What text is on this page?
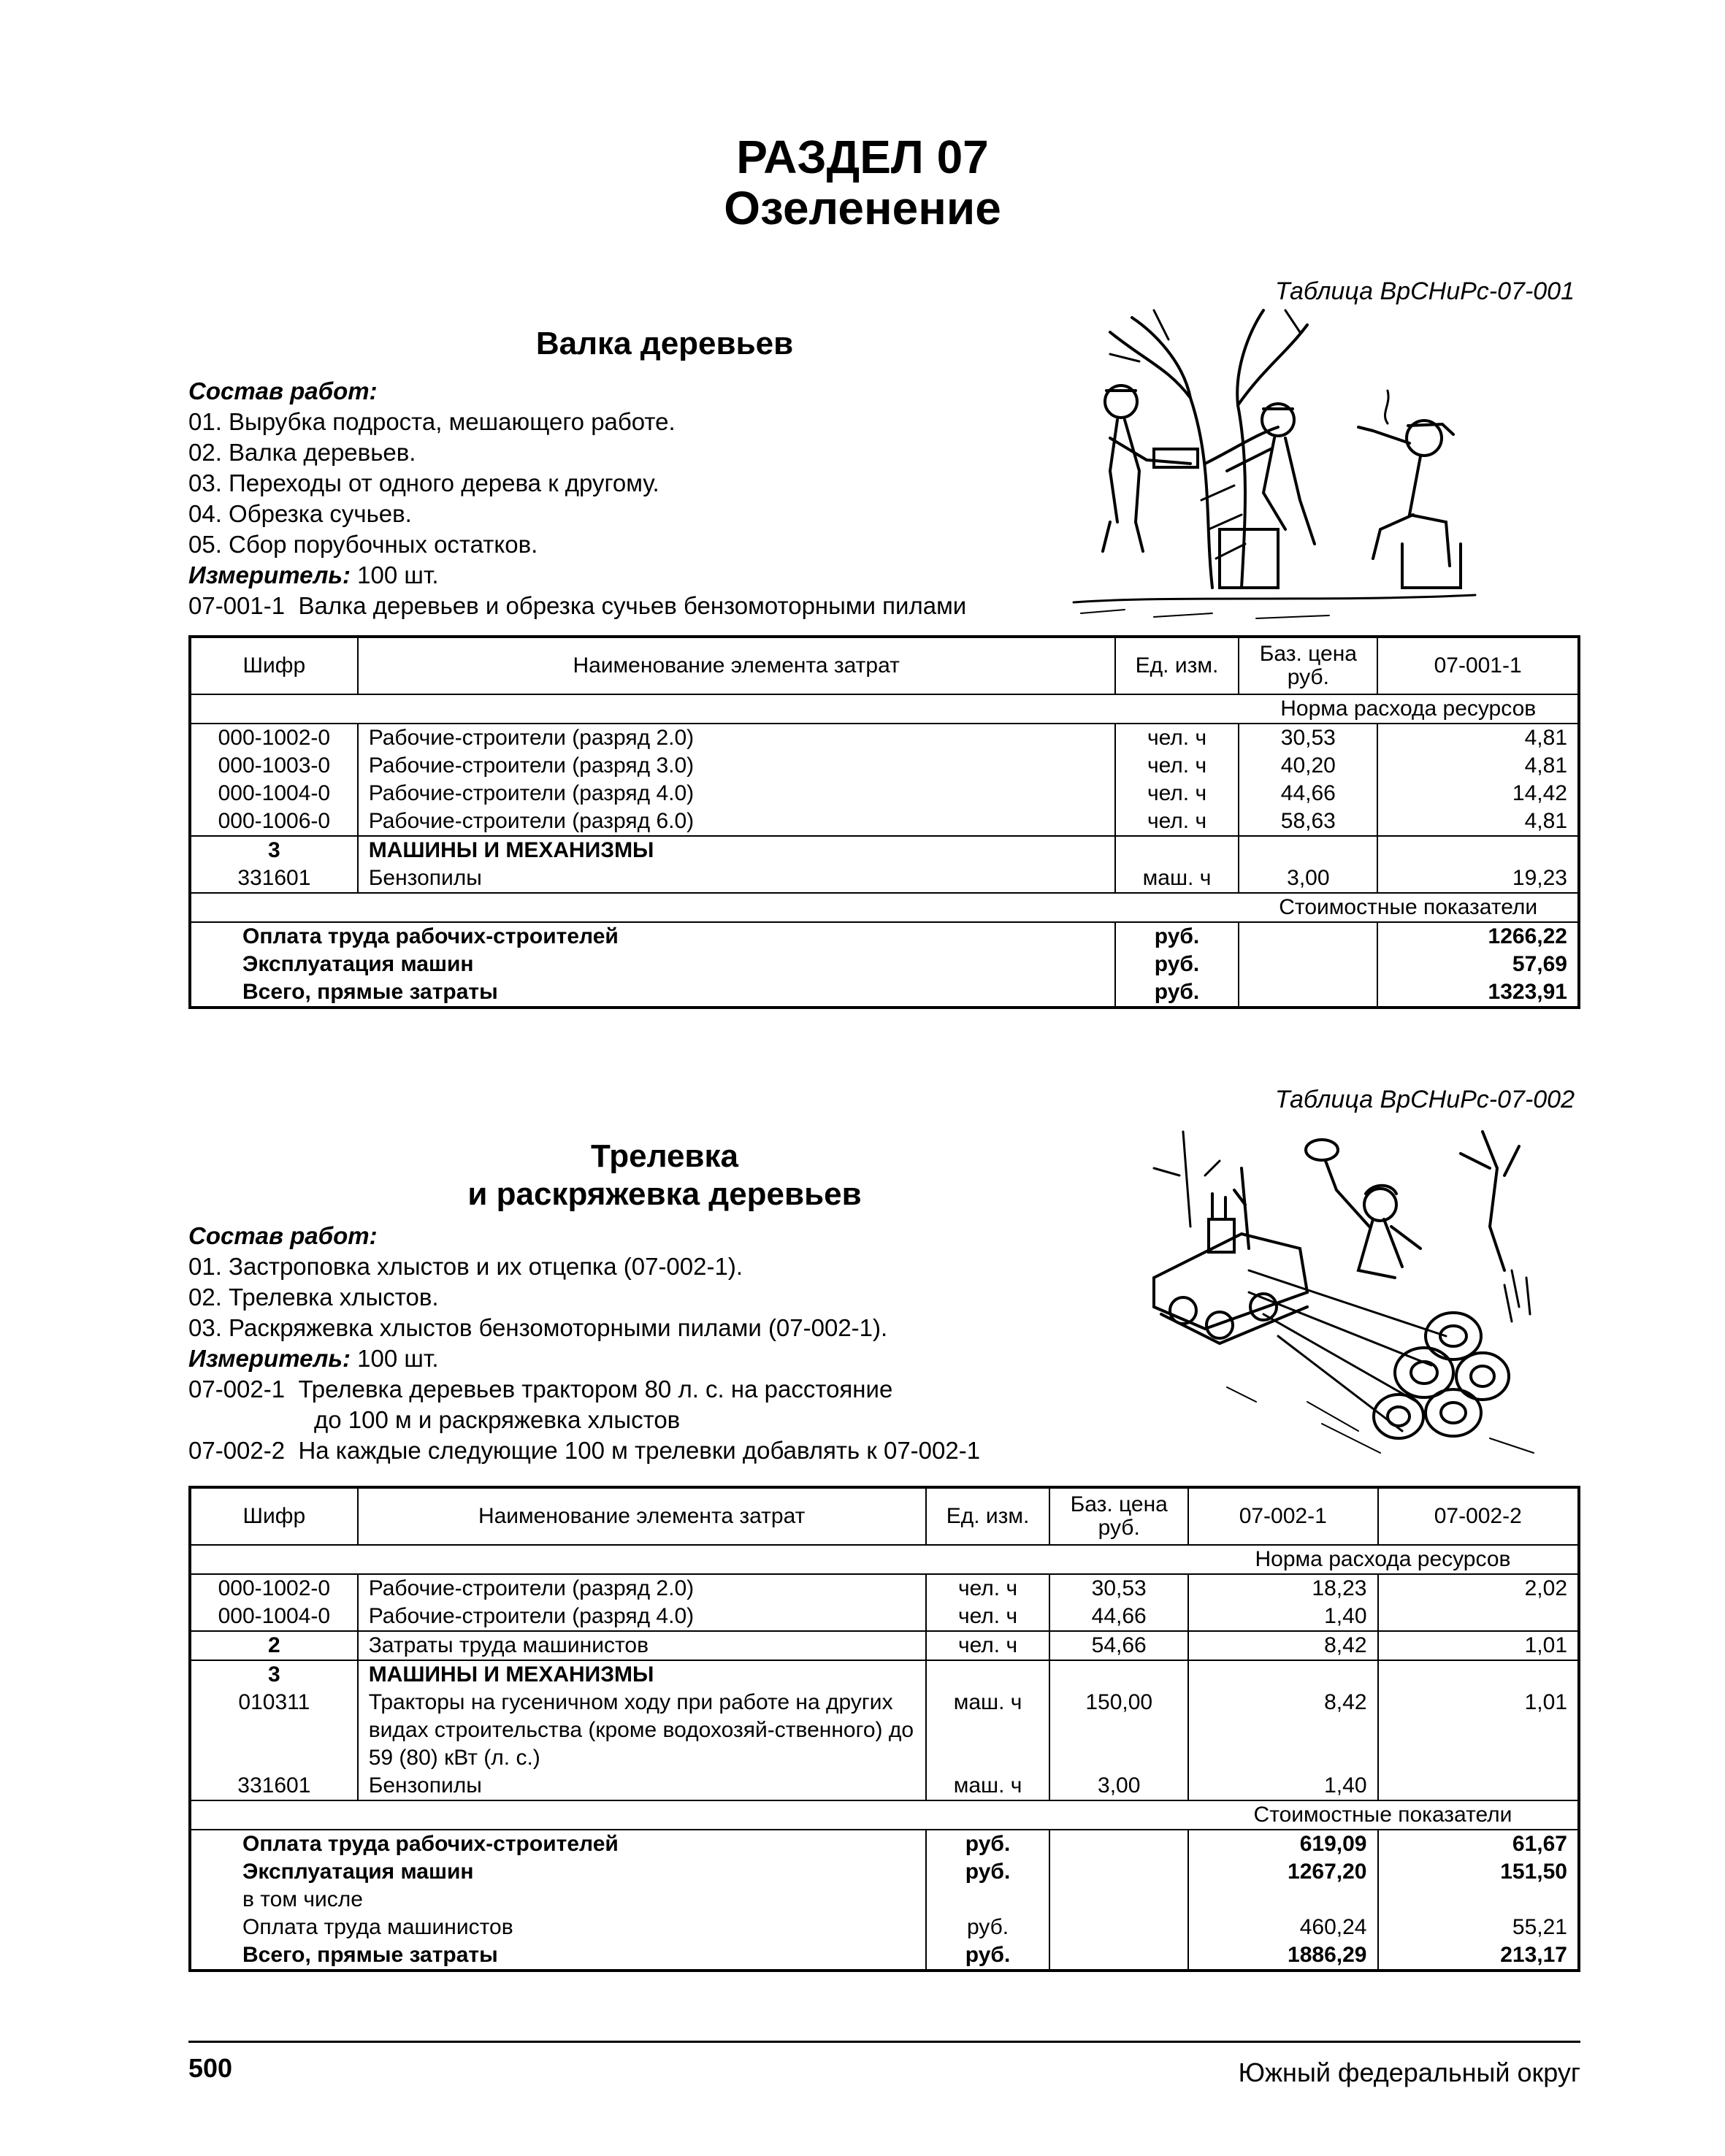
РАЗДЕЛ 07
Озеленение
Таблица ВрСНиРс-07-001
Валка деревьев
Состав работ:
01.
Вырубка подроста, мешающего работе.
02.
Валка деревьев.
03.
Переходы от одного дерева к другому.
04.
Обрезка сучьев.
05.
Сбор порубочных остатков.
Измеритель: 100 шт.
07-001-1 Валка деревьев и обрезка сучьев бензомоторными пилами
Шифр	Наименование элемента затрат	Ед. изм.	Баз. цена руб.	07-001-1
			Норма расхода ресурсов	
000-1002-0	Рабочие-строители (разряд 2.0)	чел. ч	30,53	4,81
000-1003-0	Рабочие-строители (разряд 3.0)	чел. ч	40,20	4,81
000-1004-0	Рабочие-строители (разряд 4.0)	чел. ч	44,66	14,42
000-1006-0	Рабочие-строители (разряд 6.0)	чел. ч	58,63	4,81
3	МАШИНЫ И МЕХАНИЗМЫ			
331601	Бензопилы	маш. ч	3,00	19,23
			Стоимостные показатели	
Оплата труда рабочих-строителей		руб.		1266,22
Эксплуатация машин		руб.		57,69
Всего, прямые затраты		руб.		1323,91
Таблица ВрСНиРс-07-002
Трелевка
и раскряжевка деревьев
Состав работ:
01.
Застроповка хлыстов и их отцепка (07-002-1).
02.
Трелевка хлыстов.
03.
Раскряжевка хлыстов бензомоторными пилами (07-002-1).
Измеритель: 100 шт.
07-002-1 Трелевка деревьев трактором 80 л. с. на расстояние
до 100 м и раскряжевка хлыстов
07-002-2 На каждые следующие 100 м трелевки добавлять к 07-002-1
Шифр	Наименование элемента затрат	Ед. изм.	Баз. цена руб.	07-002-1	07-002-2
				Норма расхода ресурсов	
000-1002-0	Рабочие-строители (разряд 2.0)	чел. ч	30,53	18,23	2,02
000-1004-0	Рабочие-строители (разряд 4.0)	чел. ч	44,66	1,40	
2	Затраты труда машинистов	чел. ч	54,66	8,42	1,01
3	МАШИНЫ И МЕХАНИЗМЫ				
010311	Тракторы на гусеничном ходу при работе на других видах строительства (кроме водохозяй-ственного) до 59 (80) кВт (л. с.)	маш. ч	150,00	8,42	1,01
331601	Бензопилы	маш. ч	3,00	1,40	
				Стоимостные показатели	
Оплата труда рабочих-строителей		руб.		619,09	61,67
Эксплуатация машин		руб.		1267,20	151,50
в том числе					
Оплата труда машинистов		руб.		460,24	55,21
Всего, прямые затраты		руб.		1886,29	213,17
500	Южный федеральный округ
